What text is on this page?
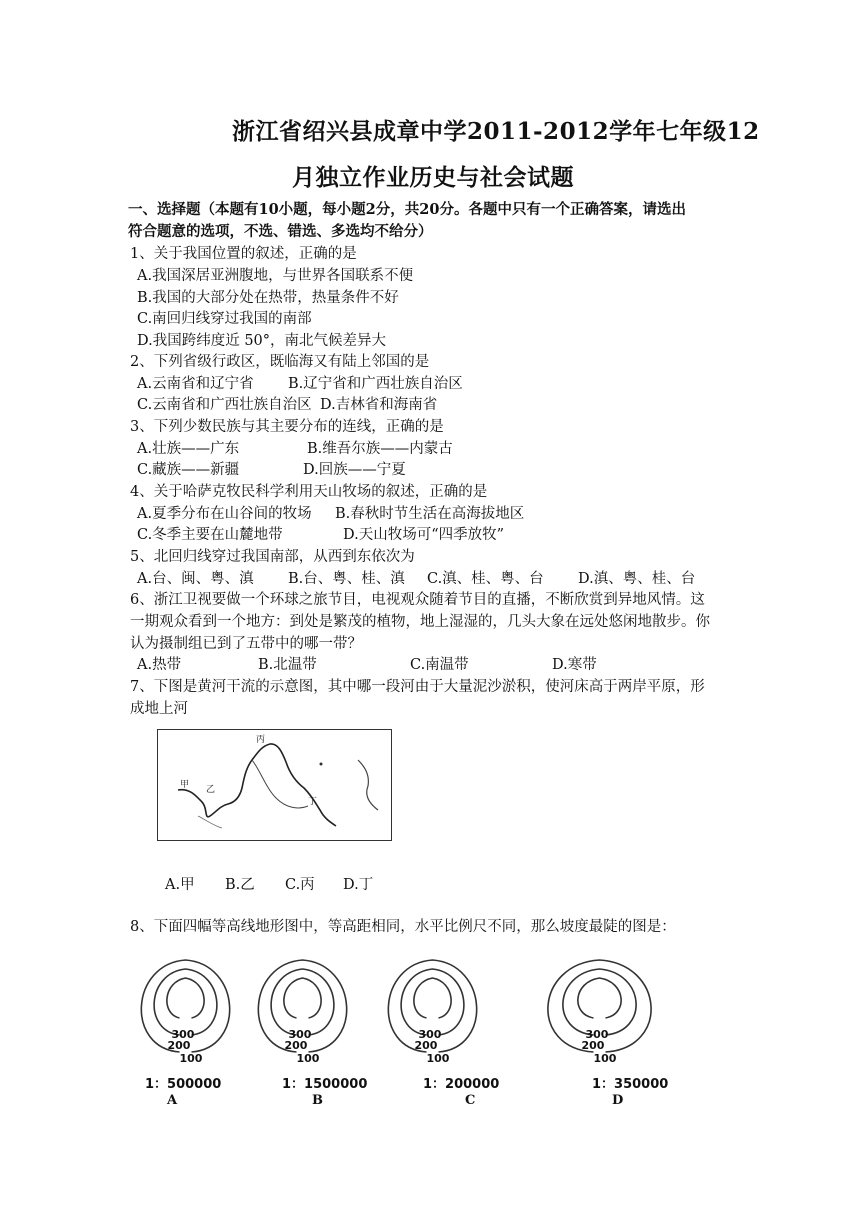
浙江省绍兴县成章中学2011-2012学年七年级12
月独立作业历史与社会试题
一、选择题（本题有10小题，每小题2分，共20分。各题中只有一个正确答案，请选出
符合题意的选项，不选、错选、多选均不给分）
1、关于我国位置的叙述，正确的是
A.我国深居亚洲腹地，与世界各国联系不便
B.我国的大部分处在热带，热量条件不好
C.南回归线穿过我国的南部
D.我国跨纬度近 50°，南北气候差异大
2、下列省级行政区，既临海又有陆上邻国的是
A.云南省和辽宁省 B.辽宁省和广西壮族自治区
C.云南省和广西壮族自治区 D.吉林省和海南省
3、下列少数民族与其主要分布的连线，正确的是
A.壮族——广东	B.维吾尔族——内蒙古
C.藏族——新疆	D.回族——宁夏
4、关于哈萨克牧民科学利用天山牧场的叙述，正确的是
A.夏季分布在山谷间的牧场 B.春秋时节生活在高海拔地区
C.冬季主要在山麓地带	D.天山牧场可“四季放牧”
5、北回归线穿过我国南部，从西到东依次为
A.台、闽、粤、滇 B.台、粤、桂、滇 C.滇、桂、粤、台 D.滇、粤、桂、台
6、浙江卫视要做一个环球之旅节目，电视观众随着节目的直播，不断欣赏到异地风情。这
一期观众看到一个地方：到处是繁茂的植物，地上湿湿的，几头大象在远处悠闲地散步。你
认为摄制组已到了五带中的哪一带？
A.热带	B.北温带	C.南温带	D.寒带
7、下图是黄河干流的示意图，其中哪一段河由于大量泥沙淤积，使河床高于两岸平原，形
成地上河
丙
甲 乙
丁
A.甲 B.乙 C.丙 D.丁
8、下面四幅等高线地形图中，等高距相同，水平比例尺不同，那么坡度最陡的图是：
300
200
100
1：500000
A
300
200
100
1：1500000
B
300
200
100
1：200000
C
300
200
100
1：350000
D
